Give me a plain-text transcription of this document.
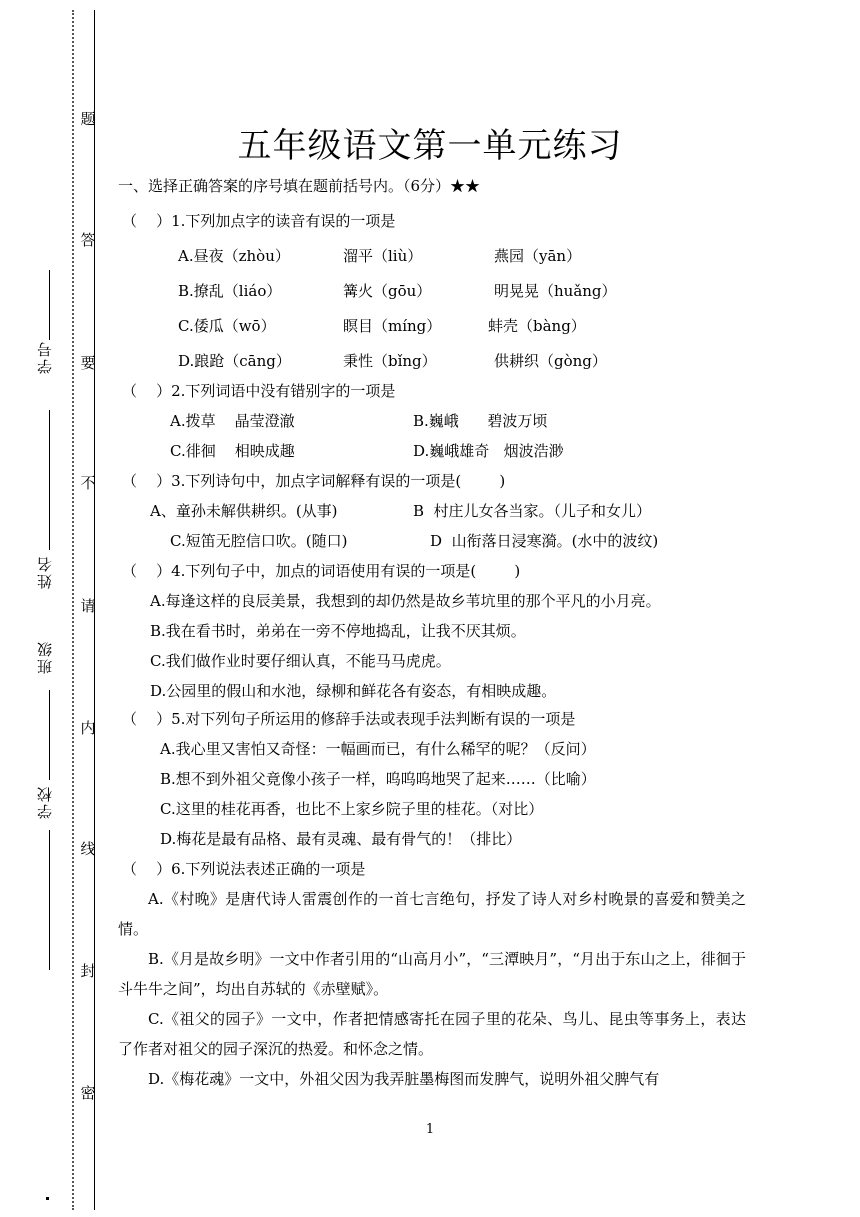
题
答
要
不
请
内
线
封
密
学号
姓名
班级
学校
五年级语文第一单元练习
一、选择正确答案的序号填在题前括号内。（6分）★★
（    ）1.下列加点字的读音有误的一项是
A.昼夜（zhòu）	溜平（liù）	燕园（yān）
B.撩乱（liáo）	篝火（gōu）	明晃晃（huǎng）
C.倭瓜（wō）	瞑目（míng）	蚌壳（bàng）
D.踉跄（cāng）	秉性（bǐng）	供耕织（gòng）
（    ）2.下列词语中没有错别字的一项是
A.拨草    晶莹澄澈	B.巍峨      碧波万顷
C.徘徊    相映成趣	D.巍峨雄奇   烟波浩渺
（    ）3.下列诗句中，加点字词解释有误的一项是(        )
A、童孙未解供耕织。(从事)	B  村庄儿女各当家。（儿子和女儿）
C.短笛无腔信口吹。(随口)	D  山衔落日浸寒漪。(水中的波纹)
（    ）4.下列句子中，加点的词语使用有误的一项是(        )
A.每逢这样的良辰美景，我想到的却仍然是故乡苇坑里的那个平凡的小月亮。
B.我在看书时，弟弟在一旁不停地捣乱，让我不厌其烦。
C.我们做作业时要仔细认真，不能马马虎虎。
D.公园里的假山和水池，绿柳和鲜花各有姿态，有相映成趣。
（    ）5.对下列句子所运用的修辞手法或表现手法判断有误的一项是
A.我心里又害怕又奇怪：一幅画而已，有什么稀罕的呢？（反问）
B.想不到外祖父竟像小孩子一样，呜呜呜地哭了起来……（比喻）
C.这里的桂花再香，也比不上家乡院子里的桂花。（对比）
D.梅花是最有品格、最有灵魂、最有骨气的！（排比）
（    ）6.下列说法表述正确的一项是
A.《村晚》是唐代诗人雷震创作的一首七言绝句，抒发了诗人对乡村晚景的喜爱和赞美之情。
B.《月是故乡明》一文中作者引用的“山高月小”，“三潭映月”，“月出于东山之上，徘徊于斗牛牛之间”，均出自苏轼的《赤壁赋》。
C.《祖父的园子》一文中，作者把情感寄托在园子里的花朵、鸟儿、昆虫等事务上，表达了作者对祖父的园子深沉的热爱。和怀念之情。
D.《梅花魂》一文中，外祖父因为我弄脏墨梅图而发脾气，说明外祖父脾气有
1
